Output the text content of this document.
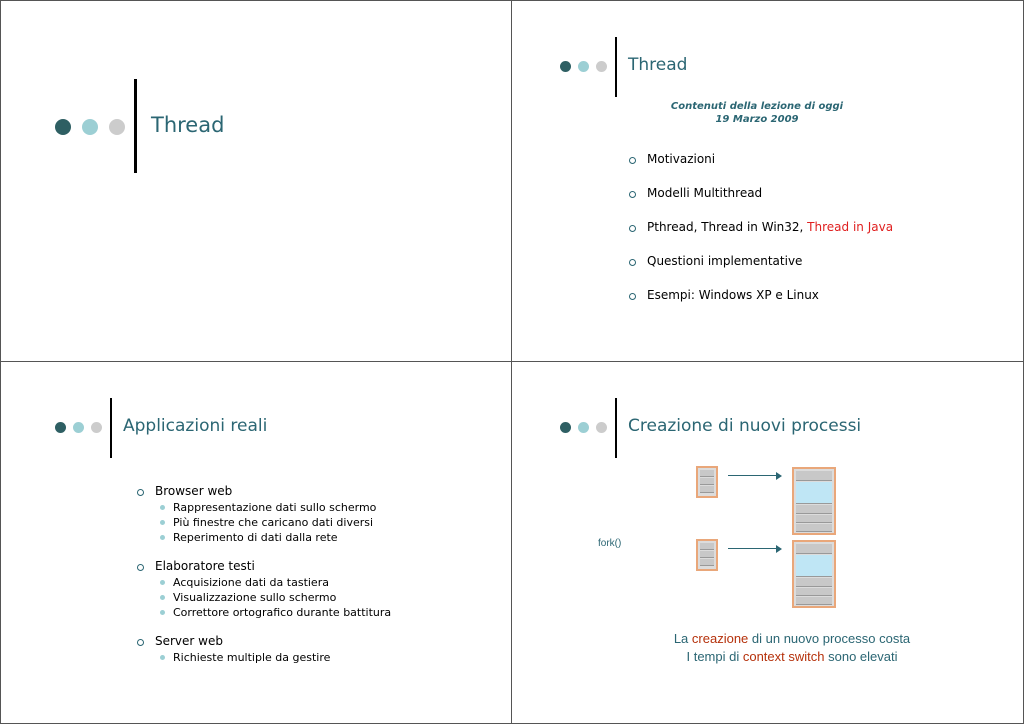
Thread
Thread
Contenuti della lezione di oggi
19 Marzo 2009
Motivazioni
Modelli Multithread
Pthread, Thread in Win32, Thread in Java
Questioni implementative
Esempi: Windows XP e Linux
Applicazioni reali
Browser web
Rappresentazione dati sullo schermo
Più finestre che caricano dati diversi
Reperimento di dati dalla rete
Elaboratore testi
Acquisizione dati da tastiera
Visualizzazione sullo schermo
Correttore ortografico durante battitura
Server web
Richieste multiple da gestire
Creazione di nuovi processi
fork()
La creazione di un nuovo processo costa
I tempi di context switch sono elevati
